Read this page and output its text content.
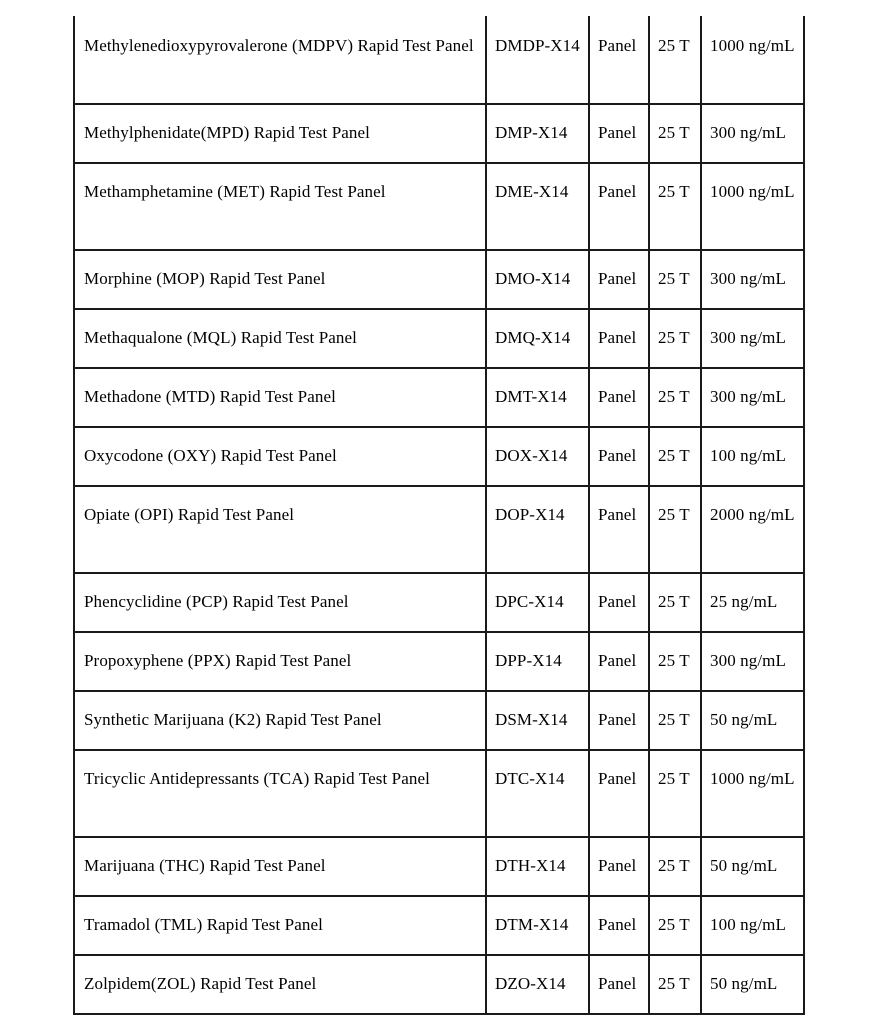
Methylenedioxypyrovalerone (MDPV) Rapid Test Panel	DMDP-X14	Panel	25 T	1000 ng/mL
Methylphenidate(MPD) Rapid Test Panel	DMP-X14	Panel	25 T	300 ng/mL
Methamphetamine (MET) Rapid Test Panel	DME-X14	Panel	25 T	1000 ng/mL
Morphine (MOP) Rapid Test Panel	DMO-X14	Panel	25 T	300 ng/mL
Methaqualone (MQL) Rapid Test Panel	DMQ-X14	Panel	25 T	300 ng/mL
Methadone (MTD) Rapid Test Panel	DMT-X14	Panel	25 T	300 ng/mL
Oxycodone (OXY) Rapid Test Panel	DOX-X14	Panel	25 T	100 ng/mL
Opiate (OPI) Rapid Test Panel	DOP-X14	Panel	25 T	2000 ng/mL
Phencyclidine (PCP) Rapid Test Panel	DPC-X14	Panel	25 T	25 ng/mL
Propoxyphene (PPX) Rapid Test Panel	DPP-X14	Panel	25 T	300 ng/mL
Synthetic Marijuana (K2) Rapid Test Panel	DSM-X14	Panel	25 T	50 ng/mL
Tricyclic Antidepressants (TCA) Rapid Test Panel	DTC-X14	Panel	25 T	1000 ng/mL
Marijuana (THC) Rapid Test Panel	DTH-X14	Panel	25 T	50 ng/mL
Tramadol (TML) Rapid Test Panel	DTM-X14	Panel	25 T	100 ng/mL
Zolpidem(ZOL) Rapid Test Panel	DZO-X14	Panel	25 T	50 ng/mL
